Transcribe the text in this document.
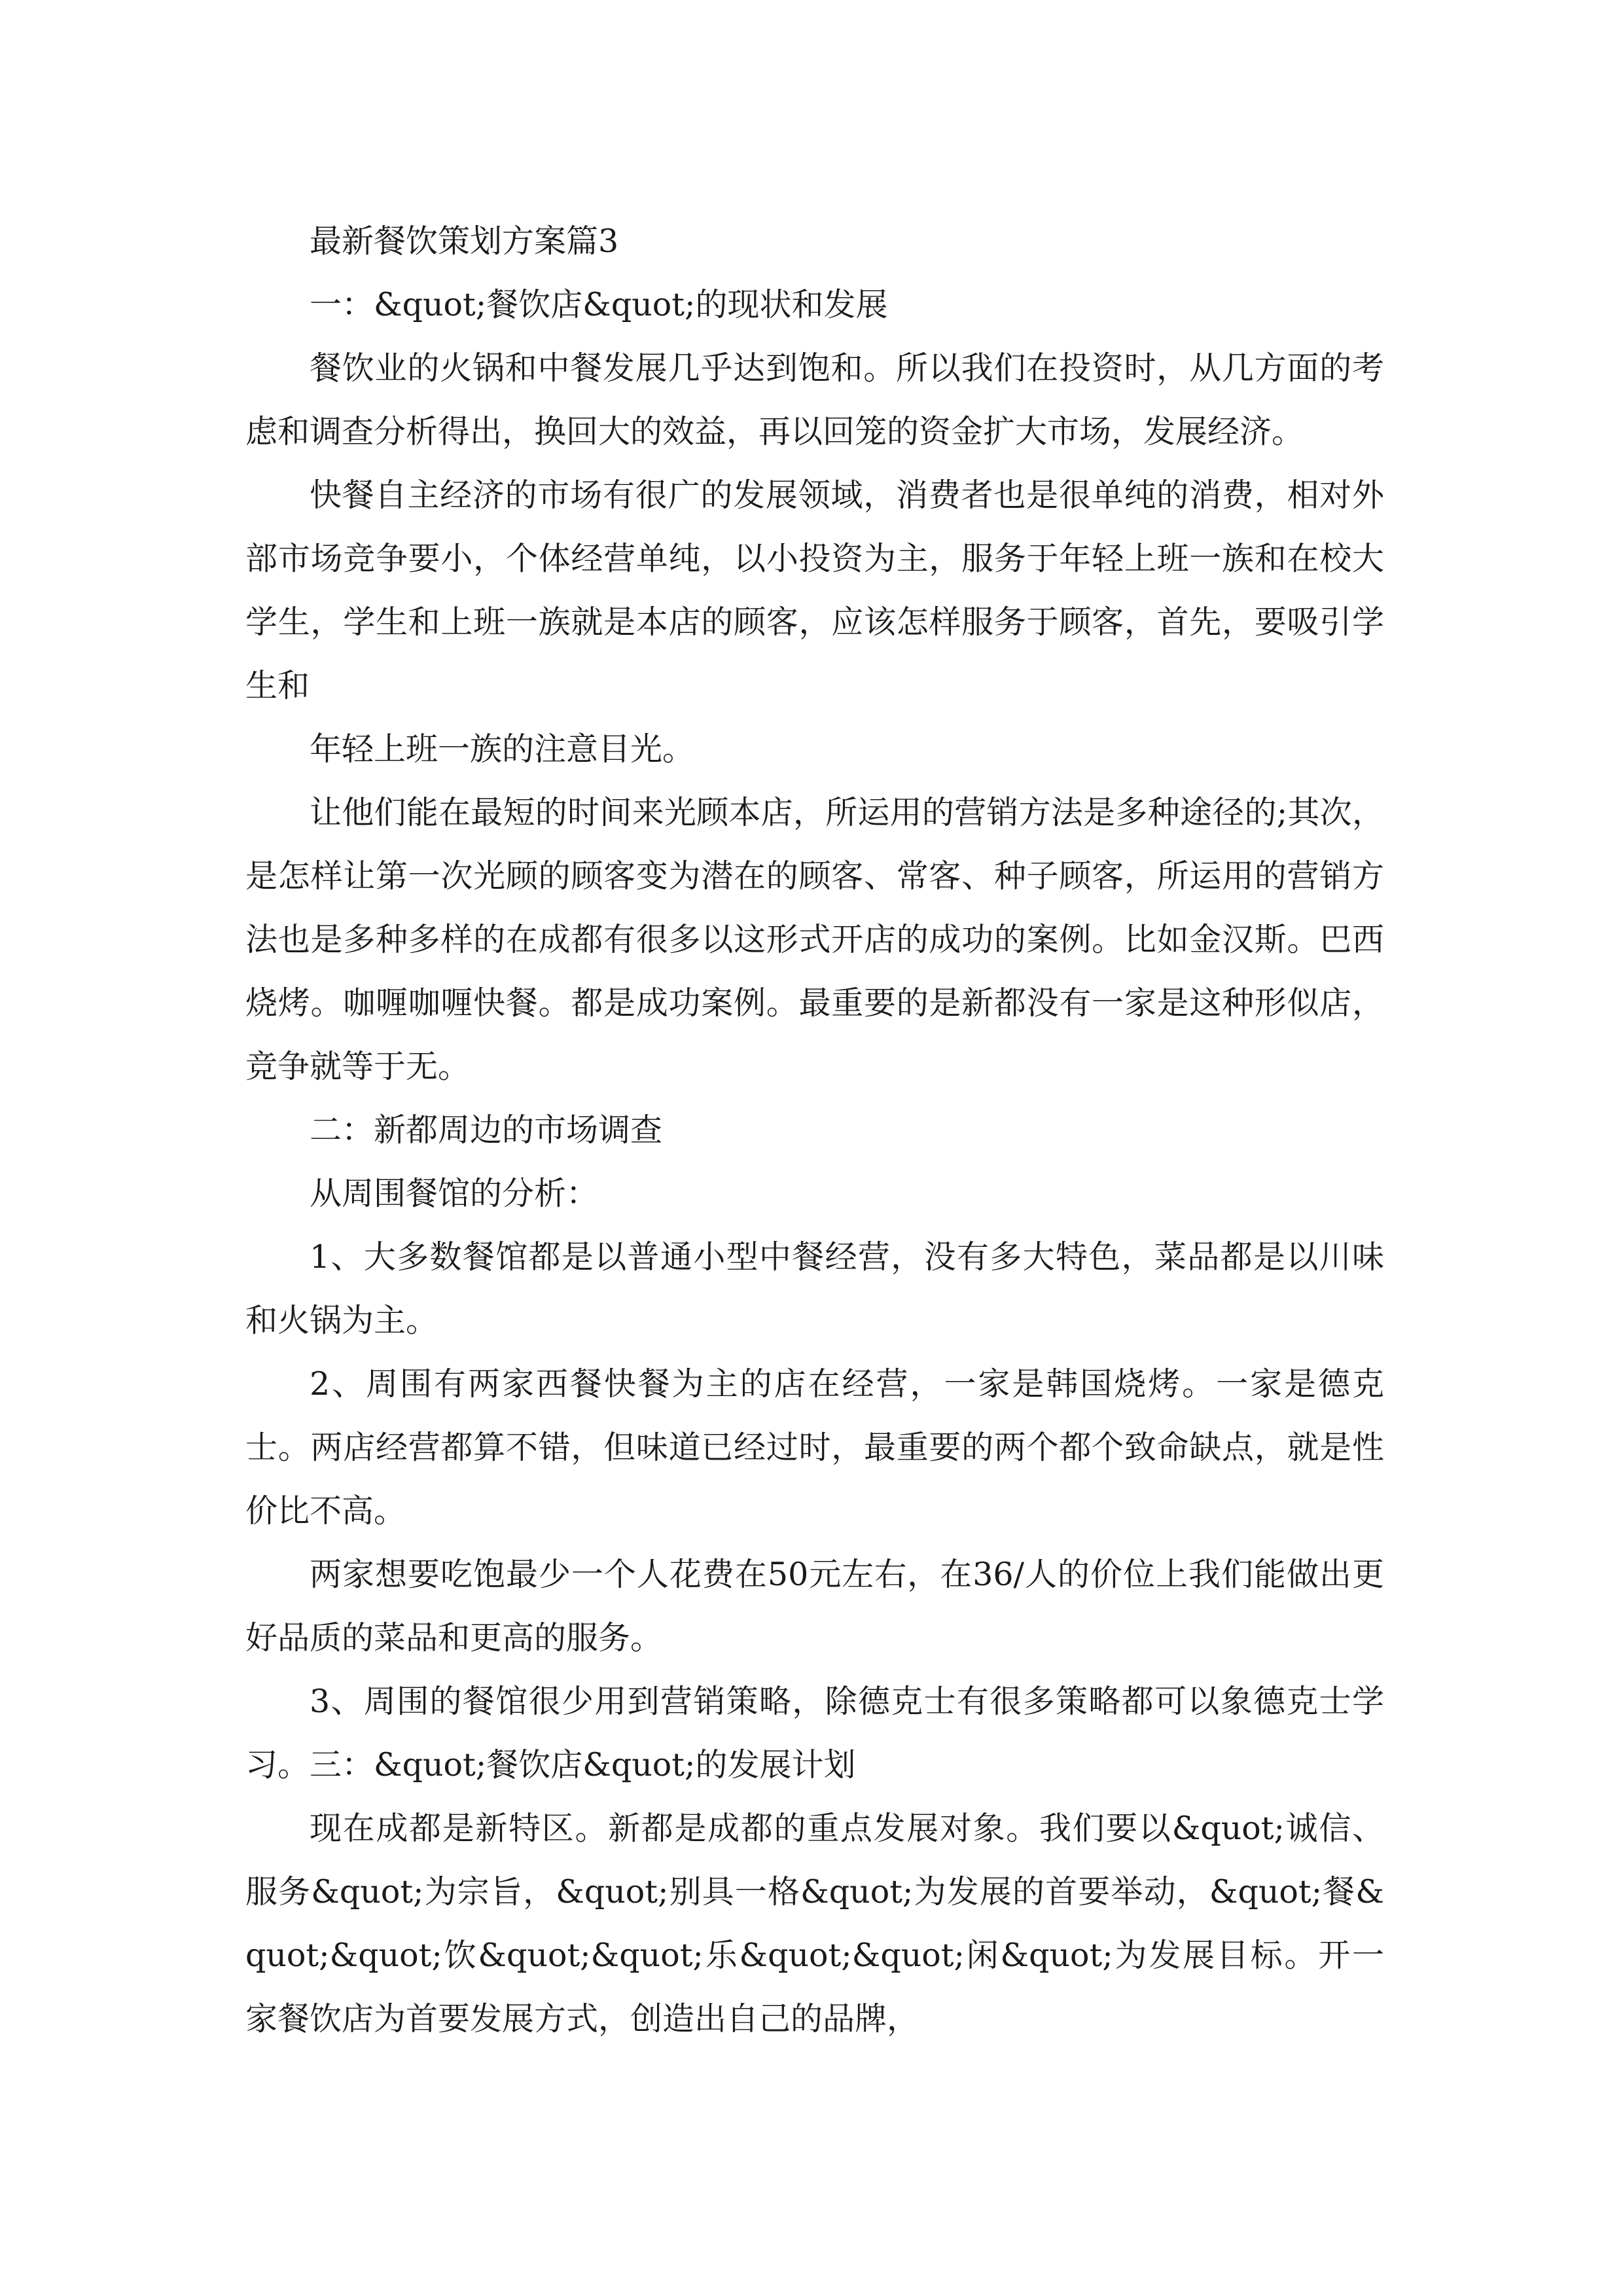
最新餐饮策划方案篇3

一：&quot;餐饮店&quot;的现状和发展

餐饮业的火锅和中餐发展几乎达到饱和。所以我们在投资时，从几方面的考虑和调查分析得出，换回大的效益，再以回笼的资金扩大市场，发展经济。

快餐自主经济的市场有很广的发展领域，消费者也是很单纯的消费，相对外部市场竞争要小，个体经营单纯，以小投资为主，服务于年轻上班一族和在校大学生，学生和上班一族就是本店的顾客，应该怎样服务于顾客，首先，要吸引学生和

年轻上班一族的注意目光。

让他们能在最短的时间来光顾本店，所运用的营销方法是多种途径的;其次，是怎样让第一次光顾的顾客变为潜在的顾客、常客、种子顾客，所运用的营销方法也是多种多样的在成都有很多以这形式开店的成功的案例。比如金汉斯。巴西烧烤。咖喱咖喱快餐。都是成功案例。最重要的是新都没有一家是这种形似店，竞争就等于无。

二：新都周边的市场调查

从周围餐馆的分析：

1、大多数餐馆都是以普通小型中餐经营，没有多大特色，菜品都是以川味和火锅为主。

2、周围有两家西餐快餐为主的店在经营，一家是韩国烧烤。一家是德克士。两店经营都算不错，但味道已经过时，最重要的两个都个致命缺点，就是性价比不高。

两家想要吃饱最少一个人花费在50元左右，在36/人的价位上我们能做出更好品质的菜品和更高的服务。

3、周围的餐馆很少用到营销策略，除德克士有很多策略都可以象德克士学习。三：&quot;餐饮店&quot;的发展计划

现在成都是新特区。新都是成都的重点发展对象。我们要以&quot;诚信、服务&quot;为宗旨，&quot;别具一格&quot;为发展的首要举动，&quot;餐&quot;&quot;饮&quot;&quot;乐&quot;&quot;闲&quot;为发展目标。开一家餐饮店为首要发展方式，创造出自己的品牌，
